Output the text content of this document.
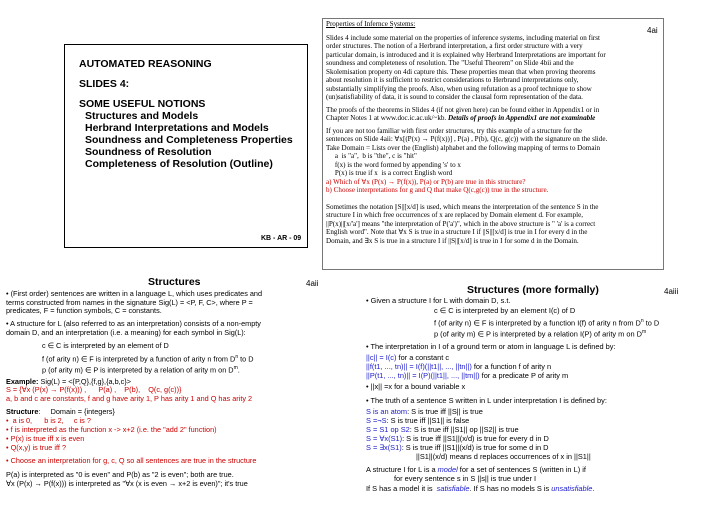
AUTOMATED REASONING
SLIDES 4:
SOME USEFUL NOTIONS
Structures and Models
Herbrand Interpretations and Models
Soundness and Completeness Properties
Soundness of Resolution
Completeness of Resolution (Outline)
KB - AR - 09
Properties of Infernce Systems:
4ai

Slides 4 include some material on the properties of inference systems, including material on first

order structures. The notion of a Herbrand interpretation, a first order structure with a very

particular domain, is introduced and it is explained why Herbrand Interpretations are important for

soundness and completeness of resolution. The "Useful Theorem" on Slide 4bii and the

Skolemisation property on 4di capture this. These properties mean that when proving theorems

about resolution it is sufficient to restrict considerations to Herbrand interpretations only,

substantially simplifying the proofs. Also, when using refutation as a proof technique to show

(un)satisfiability of data, it is sound to consider the clausal form representation of the data.

The proofs of the theorems in Slides 4 (if not given here) can be found either in Appendix1 or in

Chapter Notes 1 at www.doc.ic.ac.uk/~kb. Details of proofs in Appendix1 are not examinable

If you are not too familiar with first order structures, try this example of a structure for the

sentences on Slide 4aii: ∀x[(P(x) → P(f(x))] , P(a) , P(b), Q(c, g(c)) with the signature on the slide.

Take Domain = Lists over the (English) alphabet and the following mapping of terms to Domain

a  is "a",  b is "the", c is "hit"

f(x) is the word formed by appending 's' to x

P(x) is true if x  is a correct English word

a) Which of ∀x (P(x) → P(f(x)), P(a) or P(b) are true in this structure?

b) Choose interpretations for g and Q that make Q(c,g(c)) true in the structure.

Sometimes the notation ||S||[x/d] is used, which means the interpretation of the sentence S in the

structure I in which free occurrences of x are replaced by Domain element d. For example,

||P(x)||[x/'a'] means "the interpretation of P('a')", which in the above structure is " 'a' is a correct

English word". Note that ∀x S is true in a structure I if ||S||[x/d] is true in I for every d in the

Domain, and ∃x S is true in a structure I if ||S||[x/d] is true in I for some d in the Domain.

Structures	4aii

• (First order) sentences are written in a language L, which uses predicates and

terms constructed from names in the signature Sig(L) = <P, F, C>, where P =

predicates, F = function symbols, C = constants.

• A structure for L (also referred to as an interpretation) consists of a non-empty

domain D, and an interpretation (i.e. a meaning) for each symbol in Sig(L):

c ∈ C is interpreted by an element of D
f (of arity n) ∈ F is interpreted by a function of arity n from $D^n$ to D
p (of arity m) ∈ P is interpreted by a relation of arity m on $D^m$.
Example: Sig(L) = <{P,Q},{f,g},{a,b,c}>
S = {∀x (P(x) → P(f(x))) ,      P(a) ,    P(b),    Q(c, g(c))}
a, b and c are constants, f and g have arity 1, P has arity 1 and Q has arity 2
Structure:     Domain = {integers}
•  a is 0,      b is 2,     c is ?
• f is interpreted as the function x -> x+2 (i.e. the "add 2" function)
• P(x) is true iff x is even
• Q(x,y) is true iff ?
• Choose an interpretation for g, c, Q so all sentences are true in the structure

P(a) is interpreted as "0 is even" and P(b) as "2 is even"; both are true.

∀x (P(x) → P(f(x))) is interpreted as "∀x (x is even → x+2 is even)"; it's true

Structures (more formally)	4aiii
• Given a structure I for L with domain D, s.t.
c ∈ C is interpreted by an element I(c) of D
f (of arity n) ∈ F is interpreted by a function I(f) of arity n from $D^n$ to D
p (of arity m) ∈ P is interpreted by a relation I(P) of arity m on $D^m$
• The interpretation in I of a ground term or atom in language L is defined by:
||c|| = I(c) for a constant c
||f(t1, ..., tn)|| = I(f)(||t1||, ..., ||tn||) for a function f of arity n
||P(t1, ..., tn)|| = I(P)(||t1||, ..., ||tm||) for a predicate P of arity m
• ||x|| =x for a bound variable x
• The truth of a sentence S written in L under interpretation I is defined by:
S is an atom: S is true iff ||S|| is true
S =¬S: S is true iff ||S1|| is false
S = S1 op S2: S is true iff ||S1|| op ||S2|| is true
S = ∀x(S1): S is true iff ||S1||(x/d) is true for every d in D
S = ∃x(S1): S is true iff ||S1||(x/d) is true for some d in D
||S1||(x/d) means d replaces occurrences of x in ||S1||
A structure I for L is a model for a set of sentences S (written in L) if
for every sentence s in S ||s|| is true under I
If S has a model it is  satisfiable. If S has no models S is unsatisfiable.
